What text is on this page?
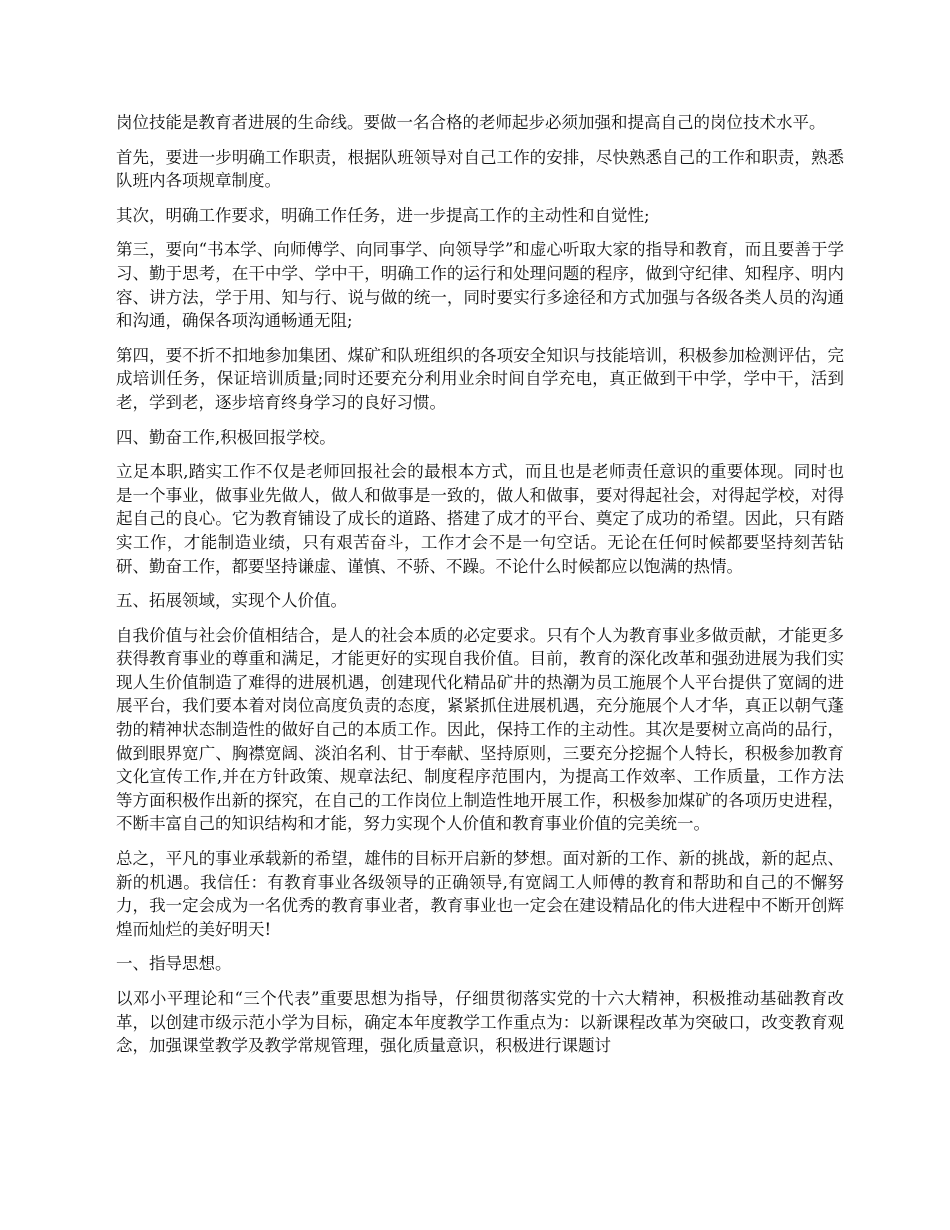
岗位技能是教育者进展的生命线。要做一名合格的老师起步必须加强和提高自己的岗位技术水平。

首先，要进一步明确工作职责，根据队班领导对自己工作的安排，尽快熟悉自己的工作和职责，熟悉队班内各项规章制度。

其次，明确工作要求，明确工作任务，进一步提高工作的主动性和自觉性;

第三，要向“书本学、向师傅学、向同事学、向领导学”和虚心听取大家的指导和教育，而且要善于学习、勤于思考，在干中学、学中干，明确工作的运行和处理问题的程序，做到守纪律、知程序、明内容、讲方法，学于用、知与行、说与做的统一，同时要实行多途径和方式加强与各级各类人员的沟通和沟通，确保各项沟通畅通无阻;

第四，要不折不扣地参加集团、煤矿和队班组织的各项安全知识与技能培训，积极参加检测评估，完成培训任务，保证培训质量;同时还要充分利用业余时间自学充电，真正做到干中学，学中干，活到老，学到老，逐步培育终身学习的良好习惯。

四、勤奋工作,积极回报学校。

立足本职,踏实工作不仅是老师回报社会的最根本方式，而且也是老师责任意识的重要体现。同时也是一个事业，做事业先做人，做人和做事是一致的，做人和做事，要对得起社会，对得起学校，对得起自己的良心。它为教育铺设了成长的道路、搭建了成才的平台、奠定了成功的希望。因此，只有踏实工作，才能制造业绩，只有艰苦奋斗，工作才会不是一句空话。无论在任何时候都要坚持刻苦钻研、勤奋工作，都要坚持谦虚、谨慎、不骄、不躁。不论什么时候都应以饱满的热情。

五、拓展领域，实现个人价值。

自我价值与社会价值相结合，是人的社会本质的必定要求。只有个人为教育事业多做贡献，才能更多获得教育事业的尊重和满足，才能更好的实现自我价值。目前，教育的深化改革和强劲进展为我们实现人生价值制造了难得的进展机遇，创建现代化精品矿井的热潮为员工施展个人平台提供了宽阔的进展平台，我们要本着对岗位高度负责的态度，紧紧抓住进展机遇，充分施展个人才华，真正以朝气蓬勃的精神状态制造性的做好自己的本质工作。因此，保持工作的主动性。其次是要树立高尚的品行，做到眼界宽广、胸襟宽阔、淡泊名利、甘于奉献、坚持原则，三要充分挖掘个人特长，积极参加教育文化宣传工作,并在方针政策、规章法纪、制度程序范围内，为提高工作效率、工作质量，工作方法等方面积极作出新的探究，在自己的工作岗位上制造性地开展工作，积极参加煤矿的各项历史进程，不断丰富自己的知识结构和才能，努力实现个人价值和教育事业价值的完美统一。

总之，平凡的事业承载新的希望，雄伟的目标开启新的梦想。面对新的工作、新的挑战，新的起点、新的机遇。我信任：有教育事业各级领导的正确领导,有宽阔工人师傅的教育和帮助和自己的不懈努力，我一定会成为一名优秀的教育事业者，教育事业也一定会在建设精品化的伟大进程中不断开创辉煌而灿烂的美好明天!

一、指导思想。

以邓小平理论和“三个代表”重要思想为指导，仔细贯彻落实党的十六大精神，积极推动基础教育改革，以创建市级示范小学为目标，确定本年度教学工作重点为：以新课程改革为突破口，改变教育观念，加强课堂教学及教学常规管理，强化质量意识，积极进行课题讨
